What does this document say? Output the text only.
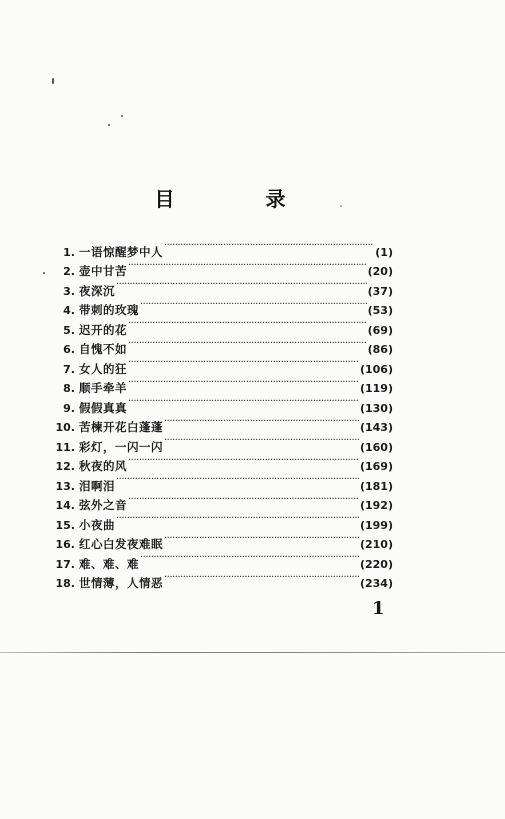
目 录
1. 一语惊醒梦中人 ·····	(1)
2. 壶中甘苦 ·····	(20)
3. 夜深沉 ·····	(37)
4. 带刺的玫瑰 ·····	(53)
5. 迟开的花 ·····	(69)
6. 自愧不如 ·····	(86)
7. 女人的狂 ·····	(106)
8. 顺手牵羊 ·····	(119)
9. 假假真真 ·····	(130)
10. 苦楝开花白蓬蓬 ·····	(143)
11. 彩灯，一闪一闪 ·····	(160)
12. 秋夜的风 ·····	(169)
13. 泪啊泪 ·····	(181)
14. 弦外之音 ·····	(192)
15. 小夜曲 ·····	(199)
16. 红心白发夜难眠 ·····	(210)
17. 难、难、难 ·····	(220)
18. 世情薄，人情恶 ·····	(234)
1
